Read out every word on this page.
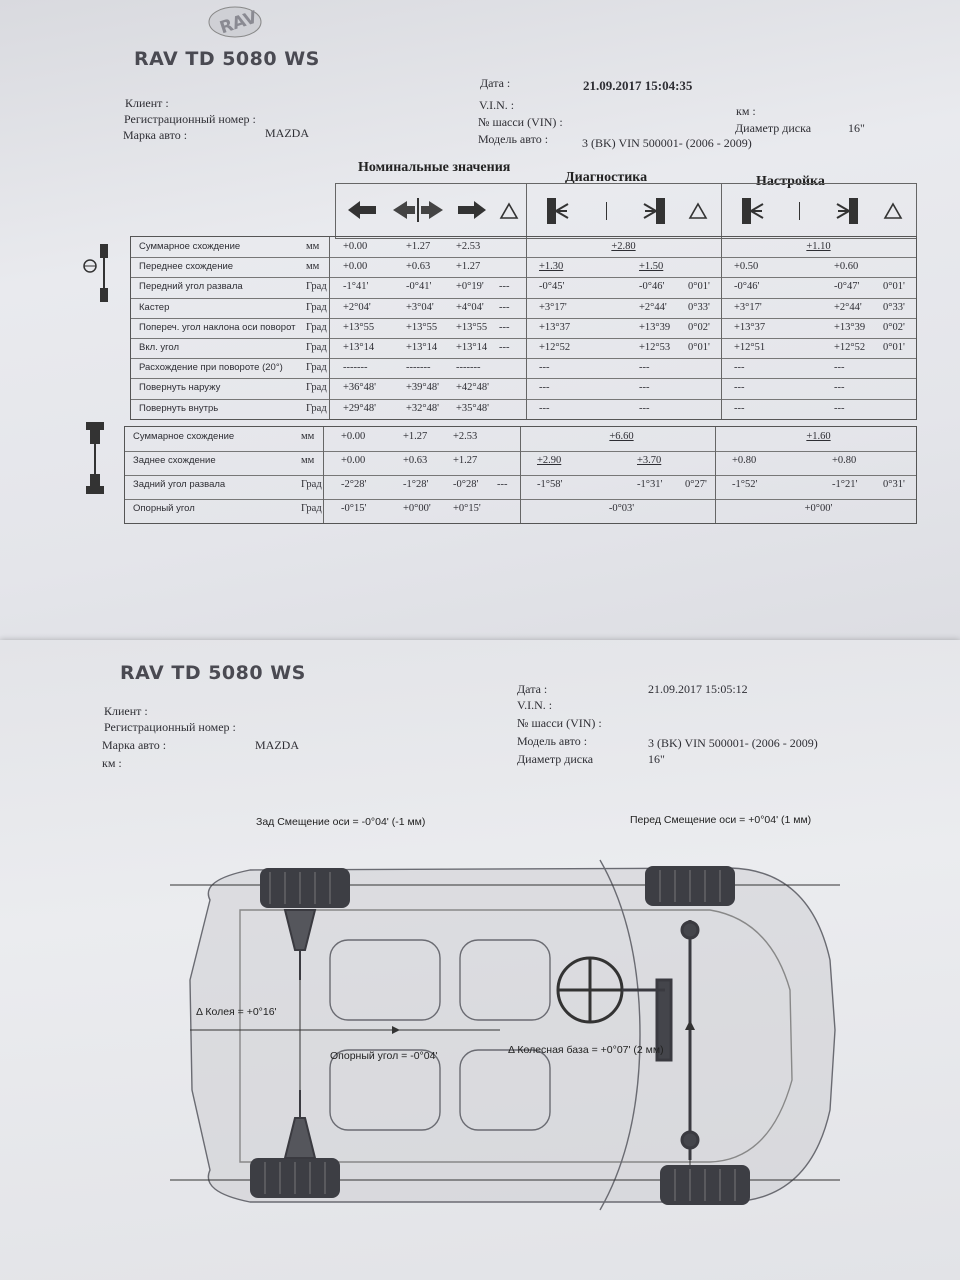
RAV
RAV TD 5080 WS
Клиент :
Регистрационный номер :
Марка авто :	MAZDA
Дата :	21.09.2017 15:04:35
V.I.N. :	км :
№ шасси (VIN) :	Диаметр диска	16"
Модель авто :	3 (BK) VIN 500001- (2006 - 2009)
Номинальные значения
Диагностика	Настройка
Суммарное схождение	мм +0.00	+1.27 +2.53	+2.80	+1.10
Переднее схождение	мм +0.00	+0.63 +1.27	+1.30	+1.50	+0.50	+0.60
Передний угол развала	Град -1°41'	-0°41' +0°19' ---	-0°45'	-0°46' 0°01' -0°46'	-0°47' 0°01'
Кастер	Град +2°04'	+3°04' +4°04' ---	+3°17'	+2°44' 0°33' +3°17'	+2°44' 0°33'
Попереч. угол наклона оси поворот Град +13°55	+13°55 +13°55 ---	+13°37	+13°39 0°02' +13°37	+13°39 0°02'
Вкл. угол	Град +13°14	+13°14 +13°14 ---	+12°52	+12°53 0°01' +12°51	+12°52 0°01'
Расхождение при повороте (20°) Град -------	------- -------	---	---	---	---
Повернуть наружу	Град +36°48'	+39°48' +42°48'	---	---	---	---
Повернуть внутрь	Град +29°48'	+32°48' +35°48'	---	---	---	---
Суммарное схождение	мм	+0.00	+1.27 +2.53	+6.60	+1.60
Заднее схождение	мм	+0.00	+0.63 +1.27	+2.90	+3.70	+0.80	+0.80
Задний угол развала	Град -2°28'	-1°28' -0°28' ---	-1°58'	-1°31' 0°27' -1°52'	-1°21' 0°31'
Опорный угол	Град -0°15'	+0°00' +0°15'	-0°03'	+0°00'
RAV TD 5080 WS
Клиент :
Регистрационный номер :
Марка авто :	MAZDA
км :
Дата :	21.09.2017 15:05:12
V.I.N. :
№ шасси (VIN) :
Модель авто :	3 (BK) VIN 500001- (2006 - 2009)
Диаметр диска	16"
Зад Смещение оси = -0°04' (-1 мм)	Перед Смещение оси = +0°04' (1 мм)
Δ Колея = +0°16'
Опорный угол = -0°04'	Δ Колесная база = +0°07' (2 мм)
